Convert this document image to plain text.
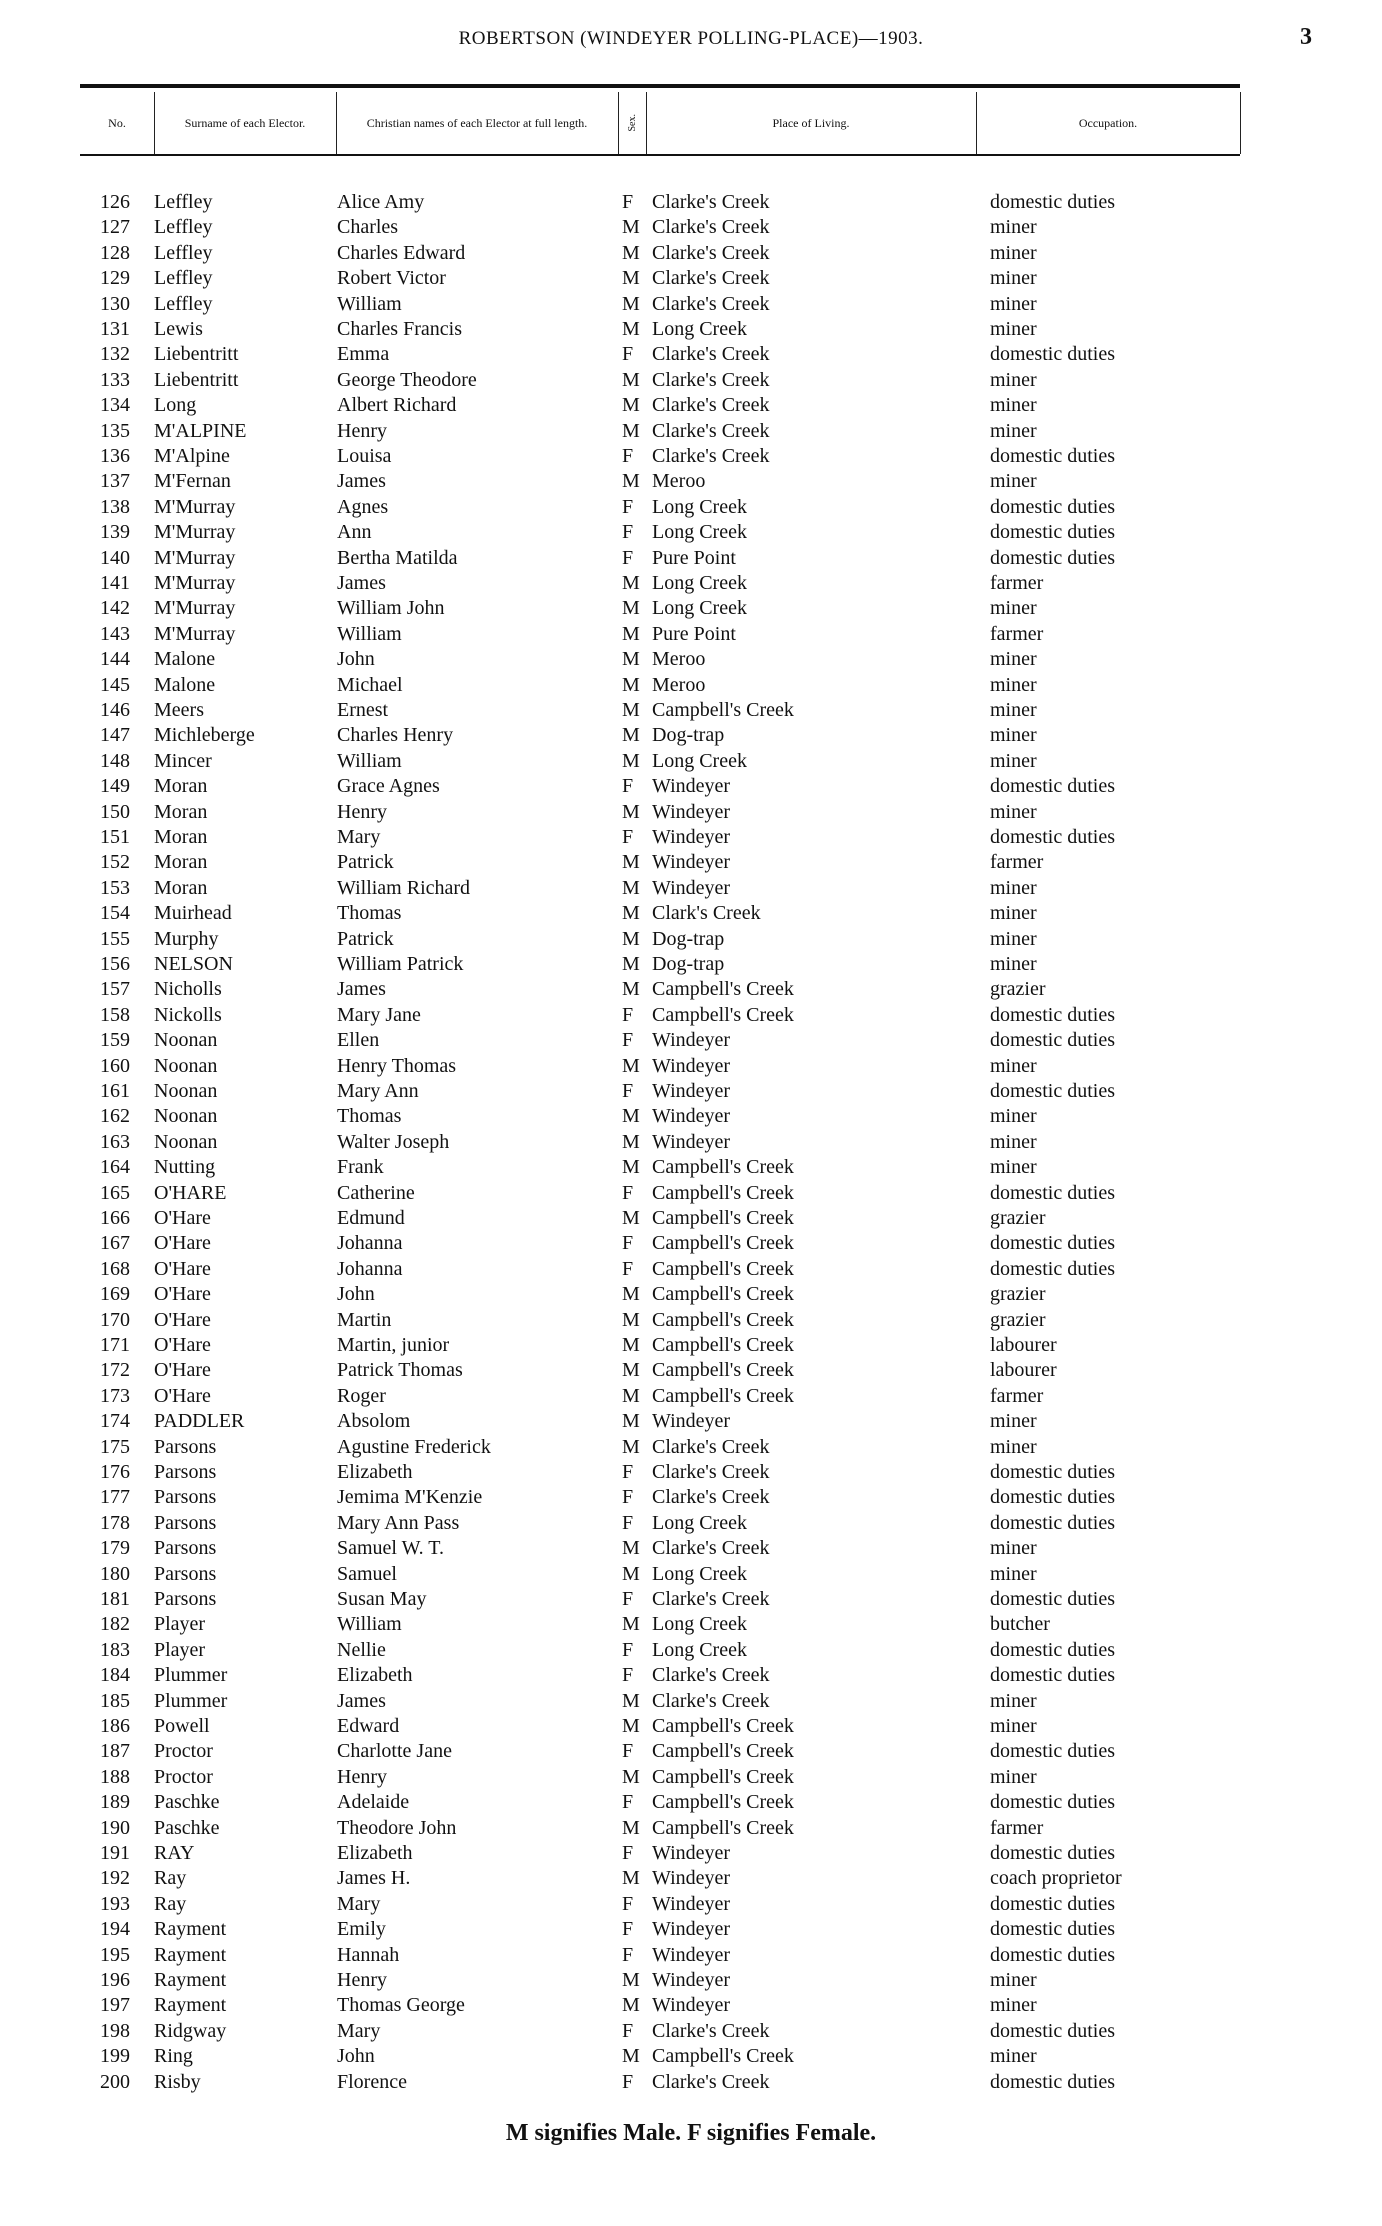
ROBERTSON (WINDEYER POLLING-PLACE)—1903.	3
No.	Surname of each Elector.	Christian names of each Elector at full length.	Sex.	Place of Living.	Occupation.
126 Leffley	Alice Amy	F Clarke's Creek	domestic duties
127 Leffley	Charles	M Clarke's Creek	miner
128 Leffley	Charles Edward	M Clarke's Creek	miner
129 Leffley	Robert Victor	M Clarke's Creek	miner
130 Leffley	William	M Clarke's Creek	miner
131 Lewis	Charles Francis	M Long Creek	miner
132 Liebentritt	Emma	F Clarke's Creek	domestic duties
133 Liebentritt	George Theodore	M Clarke's Creek	miner
134 Long	Albert Richard	M Clarke's Creek	miner
135 M'ALPINE	Henry	M Clarke's Creek	miner
136 M'Alpine	Louisa	F Clarke's Creek	domestic duties
137 M'Fernan	James	M Meroo	miner
138 M'Murray	Agnes	F Long Creek	domestic duties
139 M'Murray	Ann	F Long Creek	domestic duties
140 M'Murray	Bertha Matilda	F Pure Point	domestic duties
141 M'Murray	James	M Long Creek	farmer
142 M'Murray	William John	M Long Creek	miner
143 M'Murray	William	M Pure Point	farmer
144 Malone	John	M Meroo	miner
145 Malone	Michael	M Meroo	miner
146 Meers	Ernest	M Campbell's Creek	miner
147 Michleberge	Charles Henry	M Dog-trap	miner
148 Mincer	William	M Long Creek	miner
149 Moran	Grace Agnes	F Windeyer	domestic duties
150 Moran	Henry	M Windeyer	miner
151 Moran	Mary	F Windeyer	domestic duties
152 Moran	Patrick	M Windeyer	farmer
153 Moran	William Richard	M Windeyer	miner
154 Muirhead	Thomas	M Clark's Creek	miner
155 Murphy	Patrick	M Dog-trap	miner
156 NELSON	William Patrick	M Dog-trap	miner
157 Nicholls	James	M Campbell's Creek	grazier
158 Nickolls	Mary Jane	F Campbell's Creek	domestic duties
159 Noonan	Ellen	F Windeyer	domestic duties
160 Noonan	Henry Thomas	M Windeyer	miner
161 Noonan	Mary Ann	F Windeyer	domestic duties
162 Noonan	Thomas	M Windeyer	miner
163 Noonan	Walter Joseph	M Windeyer	miner
164 Nutting	Frank	M Campbell's Creek	miner
165 O'HARE	Catherine	F Campbell's Creek	domestic duties
166 O'Hare	Edmund	M Campbell's Creek	grazier
167 O'Hare	Johanna	F Campbell's Creek	domestic duties
168 O'Hare	Johanna	F Campbell's Creek	domestic duties
169 O'Hare	John	M Campbell's Creek	grazier
170 O'Hare	Martin	M Campbell's Creek	grazier
171 O'Hare	Martin, junior	M Campbell's Creek	labourer
172 O'Hare	Patrick Thomas	M Campbell's Creek	labourer
173 O'Hare	Roger	M Campbell's Creek	farmer
174 PADDLER	Absolom	M Windeyer	miner
175 Parsons	Agustine Frederick	M Clarke's Creek	miner
176 Parsons	Elizabeth	F Clarke's Creek	domestic duties
177 Parsons	Jemima M'Kenzie	F Clarke's Creek	domestic duties
178 Parsons	Mary Ann Pass	F Long Creek	domestic duties
179 Parsons	Samuel W. T.	M Clarke's Creek	miner
180 Parsons	Samuel	M Long Creek	miner
181 Parsons	Susan May	F Clarke's Creek	domestic duties
182 Player	William	M Long Creek	butcher
183 Player	Nellie	F Long Creek	domestic duties
184 Plummer	Elizabeth	F Clarke's Creek	domestic duties
185 Plummer	James	M Clarke's Creek	miner
186 Powell	Edward	M Campbell's Creek	miner
187 Proctor	Charlotte Jane	F Campbell's Creek	domestic duties
188 Proctor	Henry	M Campbell's Creek	miner
189 Paschke	Adelaide	F Campbell's Creek	domestic duties
190 Paschke	Theodore John	M Campbell's Creek	farmer
191 RAY	Elizabeth	F Windeyer	domestic duties
192 Ray	James H.	M Windeyer	coach proprietor
193 Ray	Mary	F Windeyer	domestic duties
194 Rayment	Emily	F Windeyer	domestic duties
195 Rayment	Hannah	F Windeyer	domestic duties
196 Rayment	Henry	M Windeyer	miner
197 Rayment	Thomas George	M Windeyer	miner
198 Ridgway	Mary	F Clarke's Creek	domestic duties
199 Ring	John	M Campbell's Creek	miner
200 Risby	Florence	F Clarke's Creek	domestic duties
M signifies Male. F signifies Female.
